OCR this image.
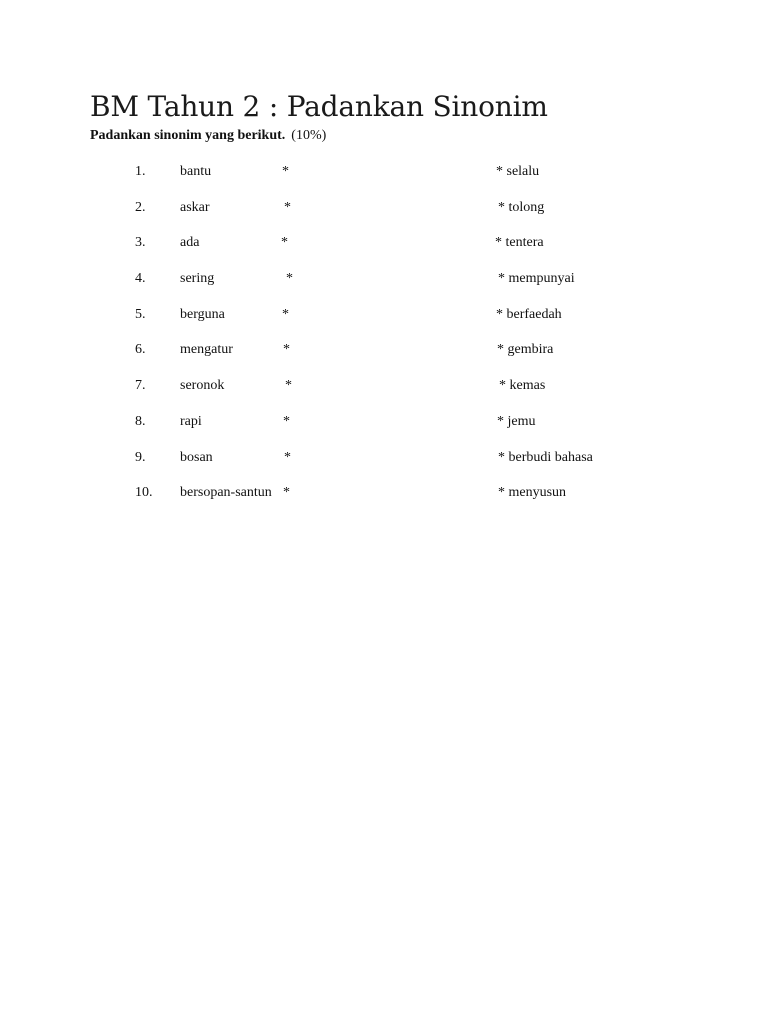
BM Tahun 2 : Padankan Sinonim
Padankan sinonim yang berikut. (10%)
1. bantu	*	* selalu
2. askar	*	* tolong
3. ada	*	* tentera
4. sering	*	* mempunyai
5. berguna	*	* berfaedah
6. mengatur	*	* gembira
7. seronok	*	* kemas
8. rapi	*	* jemu
9. bosan	*	* berbudi bahasa
10. bersopan-santun *	* menyusun
